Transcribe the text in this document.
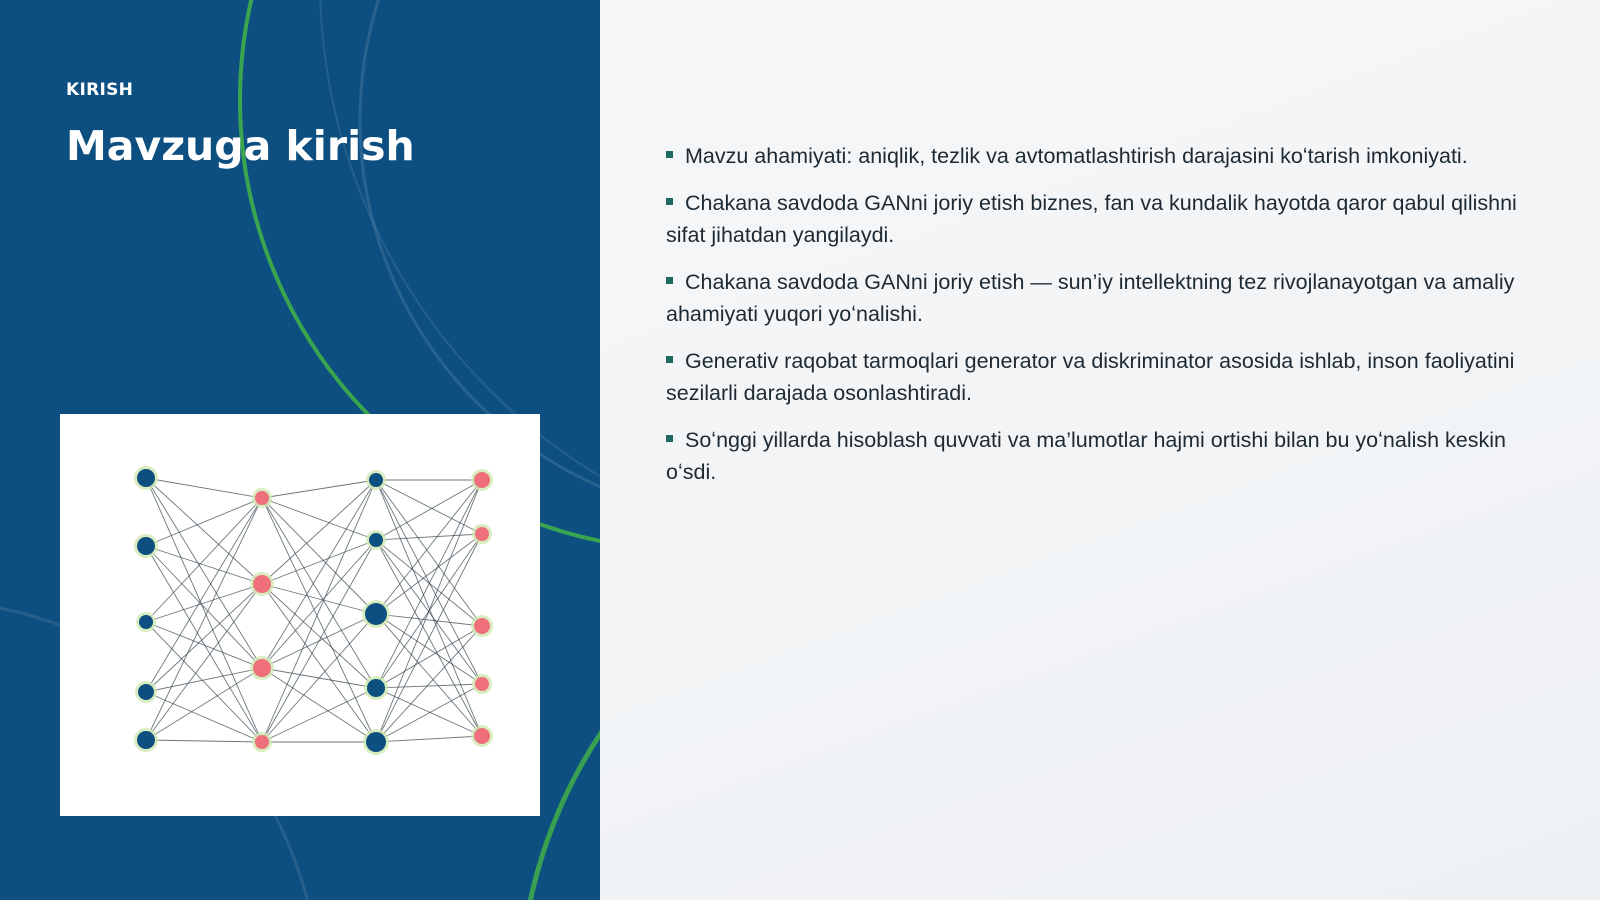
KIRISH
Mavzuga kirish	Mavzu ahamiyati: aniqlik, tezlik va avtomatlashtirish darajasini koʻtarish imkoniyati.
Chakana savdoda GANni joriy etish biznes, fan va kundalik hayotda qaror qabul qilishni sifat jihatdan yangilaydi.
Chakana savdoda GANni joriy etish — sun’iy intellektning tez rivojlanayotgan va amaliy ahamiyati yuqori yoʻnalishi.
Generativ raqobat tarmoqlari generator va diskriminator asosida ishlab, inson faoliyatini sezilarli darajada osonlashtiradi.
Soʻnggi yillarda hisoblash quvvati va ma’lumotlar hajmi ortishi bilan bu yoʻnalish keskin oʻsdi.
